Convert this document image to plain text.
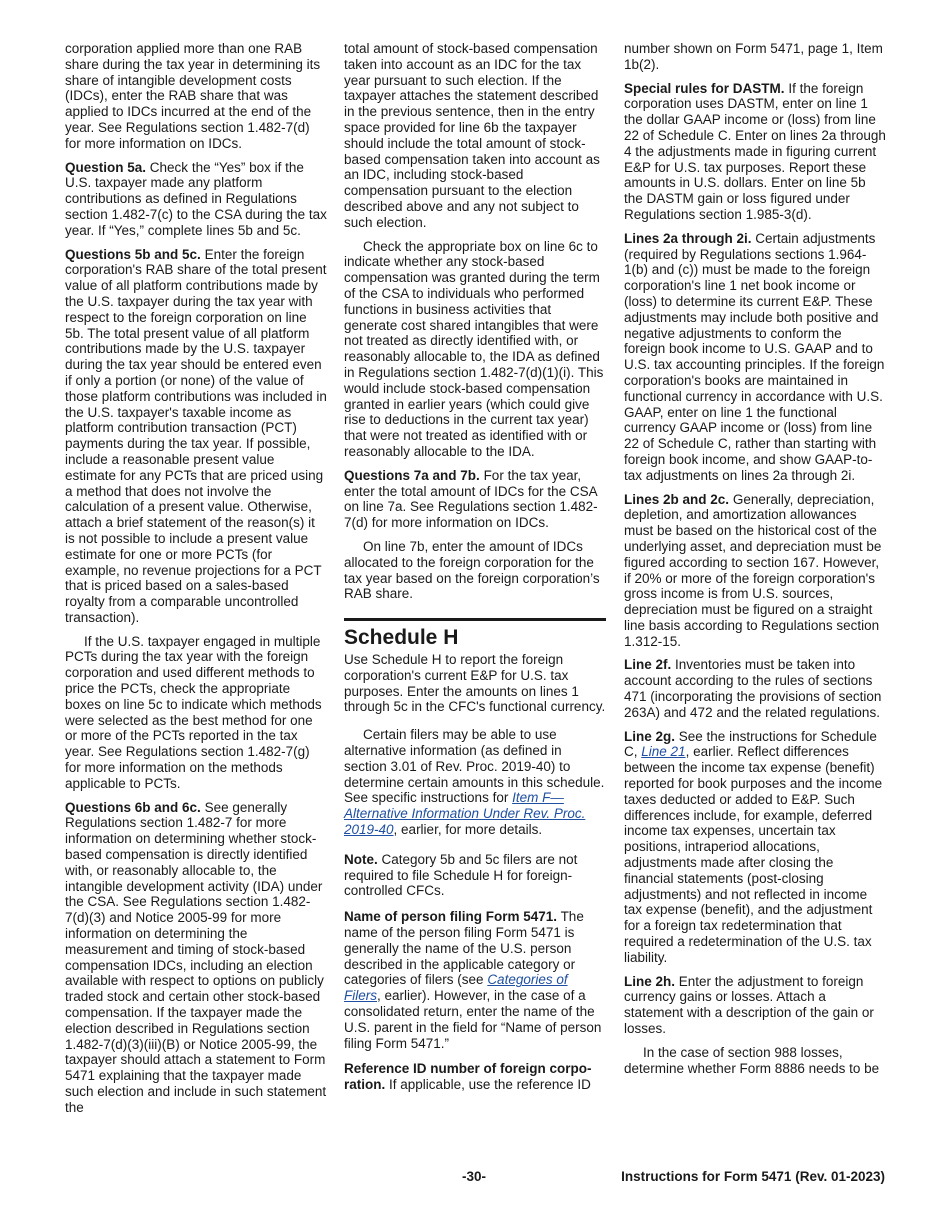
corporation applied more than one RAB share during the tax year in determining its share of intangible development costs (IDCs), enter the RAB share that was applied to IDCs incurred at the end of the year. See Regulations section 1.482-7(d) for more information on IDCs.

Question 5a. Check the “Yes” box if the U.S. taxpayer made any platform contributions as defined in Regulations section 1.482-7(c) to the CSA during the tax year. If “Yes,” complete lines 5b and 5c.

Questions 5b and 5c. Enter the foreign corporation's RAB share of the total present value of all platform contributions made by the U.S. taxpayer during the tax year with respect to the foreign corporation on line 5b. The total present value of all platform contributions made by the U.S. taxpayer during the tax year should be entered even if only a portion (or none) of the value of those platform contributions was included in the U.S. taxpayer's taxable income as platform contribution transaction (PCT) payments during the tax year. If possible, include a reasonable present value estimate for any PCTs that are priced using a method that does not involve the calculation of a present value. Otherwise, attach a brief statement of the reason(s) it is not possible to include a present value estimate for one or more PCTs (for example, no revenue projections for a PCT that is priced based on a sales-based royalty from a comparable uncontrolled transaction).

If the U.S. taxpayer engaged in multiple PCTs during the tax year with the foreign corporation and used different methods to price the PCTs, check the appropriate boxes on line 5c to indicate which methods were selected as the best method for one or more of the PCTs reported in the tax year. See Regulations section 1.482-7(g) for more information on the methods applicable to PCTs.

Questions 6b and 6c. See generally Regulations section 1.482-7 for more information on determining whether stock-based compensation is directly identified with, or reasonably allocable to, the intangible development activity (IDA) under the CSA. See Regulations section 1.482-7(d)(3) and Notice 2005-99 for more information on determining the measurement and timing of stock-based compensation IDCs, including an election available with respect to options on publicly traded stock and certain other stock-based compensation. If the taxpayer made the election described in Regulations section 1.482-7(d)(3)(iii)(B) or Notice 2005-99, the taxpayer should attach a statement to Form 5471 explaining that the taxpayer made such election and include in such statement the

total amount of stock-based compensation taken into account as an IDC for the tax year pursuant to such election. If the taxpayer attaches the statement described in the previous sentence, then in the entry space provided for line 6b the taxpayer should include the total amount of stock-based compensation taken into account as an IDC, including stock-based compensation pursuant to the election described above and any not subject to such election.

Check the appropriate box on line 6c to indicate whether any stock-based compensation was granted during the term of the CSA to individuals who performed functions in business activities that generate cost shared intangibles that were not treated as directly identified with, or reasonably allocable to, the IDA as defined in Regulations section 1.482-7(d)(1)(i). This would include stock-based compensation granted in earlier years (which could give rise to deductions in the current tax year) that were not treated as identified with or reasonably allocable to the IDA.

Questions 7a and 7b. For the tax year, enter the total amount of IDCs for the CSA on line 7a. See Regulations section 1.482-7(d) for more information on IDCs.

On line 7b, enter the amount of IDCs allocated to the foreign corporation for the tax year based on the foreign corporation’s RAB share.

Schedule H

Use Schedule H to report the foreign corporation's current E&P for U.S. tax purposes. Enter the amounts on lines 1 through 5c in the CFC's functional currency.

Certain filers may be able to use alternative information (as defined in section 3.01 of Rev. Proc. 2019-40) to determine certain amounts in this schedule. See specific instructions for Item F—Alternative Information Under Rev. Proc. 2019-40, earlier, for more details.

Note. Category 5b and 5c filers are not required to file Schedule H for foreign-controlled CFCs.

Name of person filing Form 5471. The name of the person filing Form 5471 is generally the name of the U.S. person described in the applicable category or categories of filers (see Categories of Filers, earlier). However, in the case of a consolidated return, enter the name of the U.S. parent in the field for “Name of person filing Form 5471.”

Reference ID number of foreign corpo-ration. If applicable, use the reference ID

number shown on Form 5471, page 1, Item 1b(2).

Special rules for DASTM. If the foreign corporation uses DASTM, enter on line 1 the dollar GAAP income or (loss) from line 22 of Schedule C. Enter on lines 2a through 4 the adjustments made in figuring current E&P for U.S. tax purposes. Report these amounts in U.S. dollars. Enter on line 5b the DASTM gain or loss figured under Regulations section 1.985-3(d).

Lines 2a through 2i. Certain adjustments (required by Regulations sections 1.964-1(b) and (c)) must be made to the foreign corporation's line 1 net book income or (loss) to determine its current E&P. These adjustments may include both positive and negative adjustments to conform the foreign book income to U.S. GAAP and to U.S. tax accounting principles. If the foreign corporation's books are maintained in functional currency in accordance with U.S. GAAP, enter on line 1 the functional currency GAAP income or (loss) from line 22 of Schedule C, rather than starting with foreign book income, and show GAAP-to-tax adjustments on lines 2a through 2i.

Lines 2b and 2c. Generally, depreciation, depletion, and amortization allowances must be based on the historical cost of the underlying asset, and depreciation must be figured according to section 167. However, if 20% or more of the foreign corporation's gross income is from U.S. sources, depreciation must be figured on a straight line basis according to Regulations section 1.312-15.

Line 2f. Inventories must be taken into account according to the rules of sections 471 (incorporating the provisions of section 263A) and 472 and the related regulations.

Line 2g. See the instructions for Schedule C, Line 21, earlier. Reflect differences between the income tax expense (benefit) reported for book purposes and the income taxes deducted or added to E&P. Such differences include, for example, deferred income tax expenses, uncertain tax positions, intraperiod allocations, adjustments made after closing the financial statements (post-closing adjustments) and not reflected in income tax expense (benefit), and the adjustment for a foreign tax redetermination that required a redetermination of the U.S. tax liability.

Line 2h. Enter the adjustment to foreign currency gains or losses. Attach a statement with a description of the gain or losses.

In the case of section 988 losses, determine whether Form 8886 needs to be

-30-	Instructions for Form 5471 (Rev. 01-2023)
